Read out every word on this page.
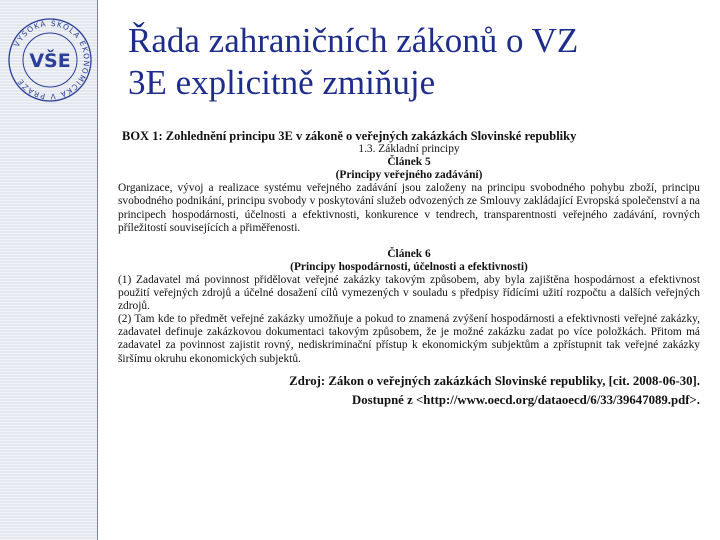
VYSOKÁ ŠKOLA EKONOMICKÁ V PRAZE
VŠE
Řada zahraničních zákonů o VZ
3E explicitně zmiňuje
BOX 1: Zohlednění principu 3E v zákoně o veřejných zakázkách Slovinské republiky
1.3. Základní principy
Článek 5
(Principy veřejného zadávání)

Organizace, vývoj a realizace systému veřejného zadávání jsou založeny na principu svobodného pohybu zboží, principu svobodného podnikání, principu svobody v poskytování služeb odvozených ze Smlouvy zakládající Evropská společenství a na principech hospodárnosti, účelnosti a efektivnosti, konkurence v tendrech, transparentnosti veřejného zadávání, rovných příležitostí souvisejících a přiměřenosti.

Článek 6
(Principy hospodárnosti, účelnosti a efektivnosti)

(1) Zadavatel má povinnost přidělovat veřejné zakázky takovým způsobem, aby byla zajištěna hospodárnost a efektivnost použití veřejných zdrojů a účelné dosažení cílů vymezených v souladu s předpisy řídícími užití rozpočtu a dalších veřejných zdrojů.

(2) Tam kde to předmět veřejné zakázky umožňuje a pokud to znamená zvýšení hospodárnosti a efektivnosti veřejné zakázky, zadavatel definuje zakázkovou dokumentaci takovým způsobem, že je možné zakázku zadat po více položkách. Přitom má zadavatel za povinnost zajistit rovný, nediskriminační přístup k ekonomickým subjektům a zpřístupnit tak veřejné zakázky širšímu okruhu ekonomických subjektů.

Zdroj: Zákon o veřejných zakázkách Slovinské republiky, [cit. 2008-06-30].
Dostupné z <http://www.oecd.org/dataoecd/6/33/39647089.pdf>.
